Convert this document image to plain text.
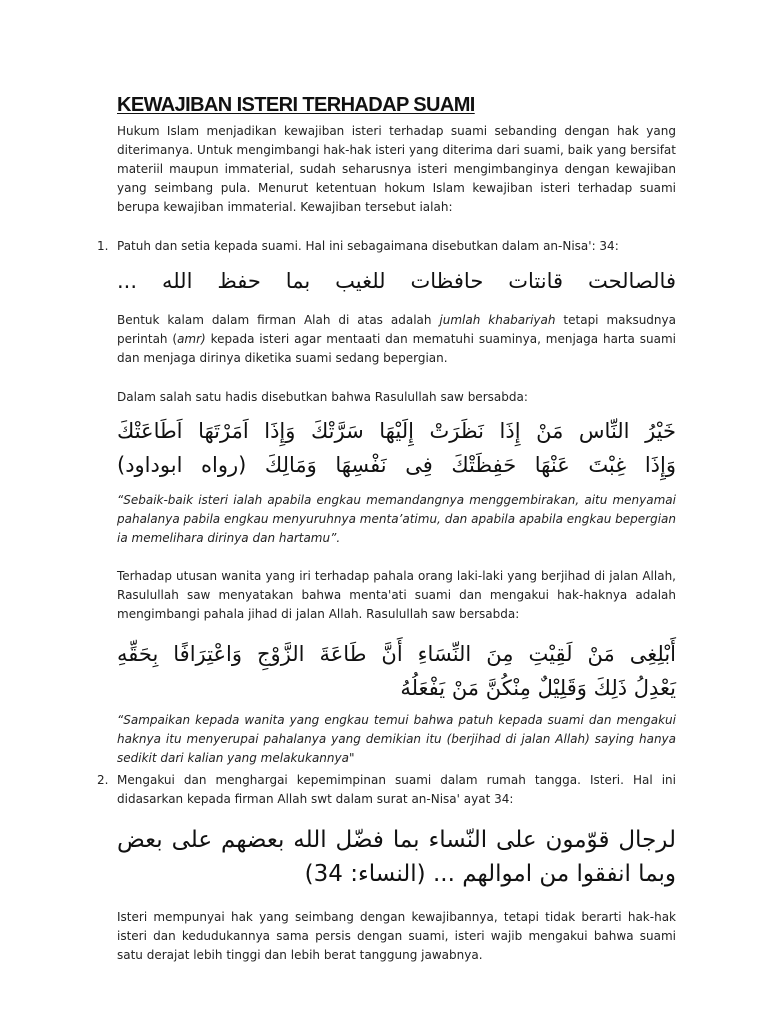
KEWAJIBAN ISTERI TERHADAP SUAMI

Hukum Islam menjadikan kewajiban isteri terhadap suami sebanding dengan hak yang diterimanya. Untuk mengimbangi hak-hak isteri yang diterima dari suami, baik yang bersifat materiil maupun immaterial, sudah seharusnya isteri mengimbanginya dengan kewajiban yang seimbang pula. Menurut ketentuan hokum Islam kewajiban isteri terhadap suami berupa kewajiban immaterial. Kewajiban tersebut ialah:

1. Patuh dan setia kepada suami. Hal ini sebagaimana disebutkan dalam an-Nisa': 34:

فالصالحت قانتات حافظات للغيب بما حفظ الله ...

Bentuk kalam dalam firman Alah di atas adalah jumlah khabariyah tetapi maksudnya perintah (amr) kepada isteri agar mentaati dan mematuhi suaminya, menjaga harta suami dan menjaga dirinya diketika suami sedang bepergian.

Dalam salah satu hadis disebutkan bahwa Rasulullah saw bersabda:

خَيْرُ النِّاس مَنْ إِذَا نَظَرَتْ إِلَيْهَا سَرَّتْكَ وَإِذَا اَمَرْتَهَا اَطَاعَتْكَ

وَإِذَا غِبْتَ عَنْهَا حَفِظَتْكَ فِى نَفْسِهَا وَمَالِكَ (رواه ابوداود)

“Sebaik-baik isteri ialah apabila engkau memandangnya menggembirakan, aitu menyamai pahalanya pabila engkau menyuruhnya menta’atimu, dan apabila apabila engkau bepergian ia memelihara dirinya dan hartamu”.

Terhadap utusan wanita yang iri terhadap pahala orang laki-laki yang berjihad di jalan Allah, Rasulullah saw menyatakan bahwa menta'ati suami dan mengakui hak-haknya adalah mengimbangi pahala jihad di jalan Allah. Rasulullah saw bersabda:

أَبْلِغِى مَنْ لَقِيْتِ مِنَ النِّسَاءِ أَنَّ طَاعَةَ الزَّوْجِ وَاعْتِرَافًا بِحَقِّهِ

يَعْدِلُ ذَلِكَ وَقَلِيْلٌ مِنْكُنَّ مَنْ يَفْعَلُهُ

“Sampaikan kepada wanita yang engkau temui bahwa patuh kepada suami dan mengakui haknya itu menyerupai pahalanya yang demikian itu (berjihad di jalan Allah) saying hanya sedikit dari kalian yang melakukannya"

2. Mengakui dan menghargai kepemimpinan suami dalam rumah tangga. Isteri. Hal ini didasarkan kepada firman Allah swt dalam surat an-Nisa' ayat 34:

لرجال قوّمون على النّساء بما فضّل الله بعضهم على بعض

وبما انفقوا من اموالهم ... (النساء: 34)

Isteri mempunyai hak yang seimbang dengan kewajibannya, tetapi tidak berarti hak-hak isteri dan kedudukannya sama persis dengan suami, isteri wajib mengakui bahwa suami satu derajat lebih tinggi dan lebih berat tanggung jawabnya.
